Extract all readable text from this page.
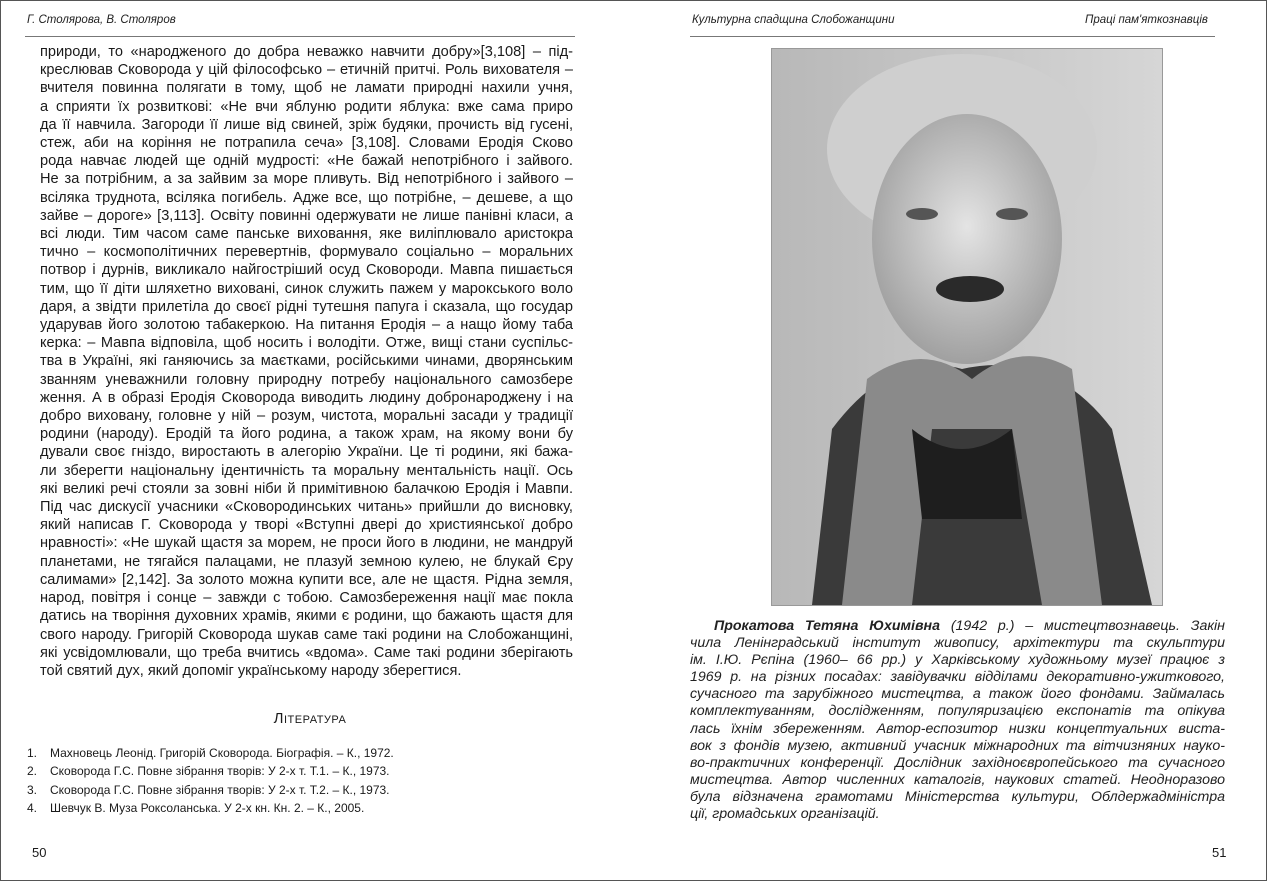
Г. Столярова, В. Столяров
природи, то «народженого до добра неважко навчити добру»[3,108] – під-
креслював Сковорода у цій філософсько – етичній притчі. Роль вихователя –
вчителя повинна полягати в тому, щоб не ламати природні нахили учня,
а сприяти їх розвиткові: «Не вчи яблуню родити яблука: вже сама приро
да її навчила. Загороди її лише від свиней, зріж будяки, прочисть від гусені,
стеж, аби на коріння не потрапила сеча» [3,108]. Словами Еродія Сково
рода навчає людей ще одній мудрості: «Не бажай непотрібного і зайвого.
Не за потрібним, а за зайвим за море пливуть. Від непотрібного і зайвого –
всіляка труднота, всіляка погибель. Адже все, що потрібне, – дешеве, а що
зайве – дороге» [3,113]. Освіту повинні одержувати не лише панівні класи, а
всі люди. Тим часом саме панське виховання, яке виліплювало аристокра
тично – космополітичних перевертнів, формувало соціально – моральних
потвор і дурнів, викликало найгостріший осуд Сковороди. Мавпа пишається
тим, що її діти шляхетно виховані, синок служить пажем у марокського воло
даря, а звідти прилетіла до своєї рідні тутешня папуга і сказала, що государ
ударував його золотою табакеркою. На питання Еродія – а нащо йому таба
керка: – Мавпа відповіла, щоб носить і володіти. Отже, вищі стани суспільс-
тва в Україні, які ганяючись за маєтками, російськими чинами, дворянським
званням уневажнили головну природну потребу національного самозбере
ження. А в образі Еродія Сковорода виводить людину добронароджену і на
добро виховану, головне у ній – розум, чистота, моральні засади у традиції
родини (народу). Еродій та його родина, а також храм, на якому вони бу
дували своє гніздо, виростають в алегорію України. Це ті родини, які бажа-
ли зберегти національну ідентичність та моральну ментальність нації. Ось
які великі речі стояли за зовні ніби й примітивною балачкою Еродія і Мавпи.
Під час дискусії учасники «Сковородинських читань» прийшли до висновку,
який написав Г. Сковорода у творі «Вступні двері до християнської добро
нравності»: «Не шукай щастя за морем, не проси його в людини, не мандруй
планетами, не тягайся палацами, не плазуй земною кулею, не блукай Єру
салимами» [2,142]. За золото можна купити все, але не щастя. Рідна земля,
народ, повітря і сонце – завжди с тобою. Самозбереження нації має покла
датись на творіння духовних храмів, якими є родини, що бажають щастя для
свого народу. Григорій Сковорода шукав саме такі родини на Слобожанщині,
які усвідомлювали, що треба вчитись «вдома». Саме такі родини зберігають
той святий дух, який допоміг українському народу зберегтися.
Література
1. Махновець Леонід. Григорій Сковорода. Біографія. – К., 1972.
2. Сковорода Г.С. Повне зібрання творів: У 2-х т. Т.1. – К., 1973.
3. Сковорода Г.С. Повне зібрання творів: У 2-х т. Т.2. – К., 1973.
4. Шевчук В. Муза Роксоланська. У 2-х кн. Кн. 2. – К., 2005.
50
Культурна спадщина Слобожанщини	Праці пам'яткознавців
Прокатова Тетяна Юхимівна (1942 р.) – мистецтвознавець. Закін
чила Ленінградський інститут живопису, архітектури та скульптури
ім. І.Ю. Рєпіна (1960– 66 рр.) у Харківському художньому музеї працює з
1969 р. на різних посадах: завідувачки відділами декоративно-ужиткового,
сучасного та зарубіжного мистецтва, а також його фондами. Займалась
комплектуванням, дослідженням, популяризацією експонатів та опікува
лась їхнім збереженням. Автор-еспозитор низки концептуальних виста-
вок з фондів музею, активний учасник міжнародних та вітчизняних науко-
во-практичних конференції. Дослідник західноєвропейського та сучасного
мистецтва. Автор численних каталогів, наукових статей. Неодноразово
була відзначена грамотами Міністерства культури, Облдержадміністра
ції, громадських організацій.
51
